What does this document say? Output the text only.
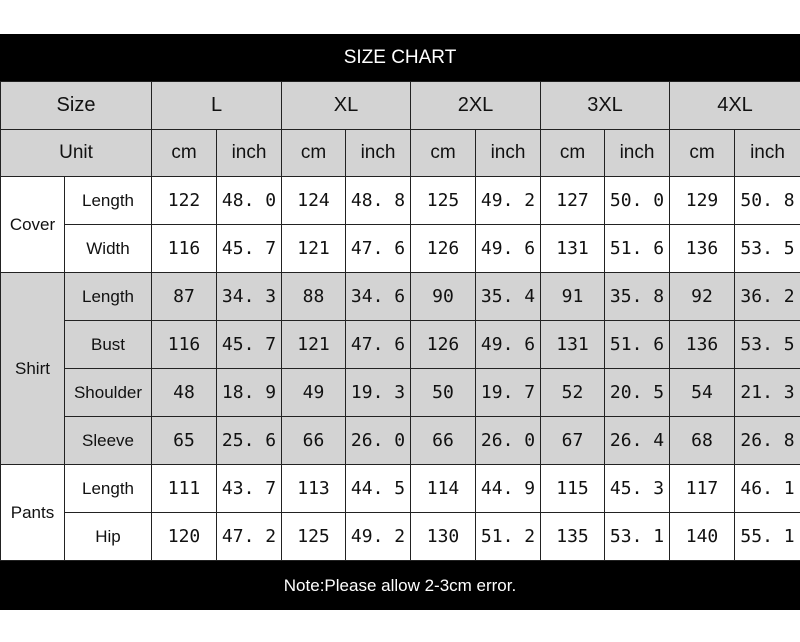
SIZE CHART
Size		L		XL		2XL		3XL		4XL	
Unit		cm	inch	cm	inch	cm	inch	cm	inch	cm	inch
Cover	Length	122	48. 0	124	48. 8	125	49. 2	127	50. 0	129	50. 8
	Width	116	45. 7	121	47. 6	126	49. 6	131	51. 6	136	53. 5
Shirt	Length	87	34. 3	88	34. 6	90	35. 4	91	35. 8	92	36. 2
	Bust	116	45. 7	121	47. 6	126	49. 6	131	51. 6	136	53. 5
	Shoulder	48	18. 9	49	19. 3	50	19. 7	52	20. 5	54	21. 3
	Sleeve	65	25. 6	66	26. 0	66	26. 0	67	26. 4	68	26. 8
Pants	Length	111	43. 7	113	44. 5	114	44. 9	115	45. 3	117	46. 1
	Hip	120	47. 2	125	49. 2	130	51. 2	135	53. 1	140	55. 1
Note:Please allow 2-3cm error.
